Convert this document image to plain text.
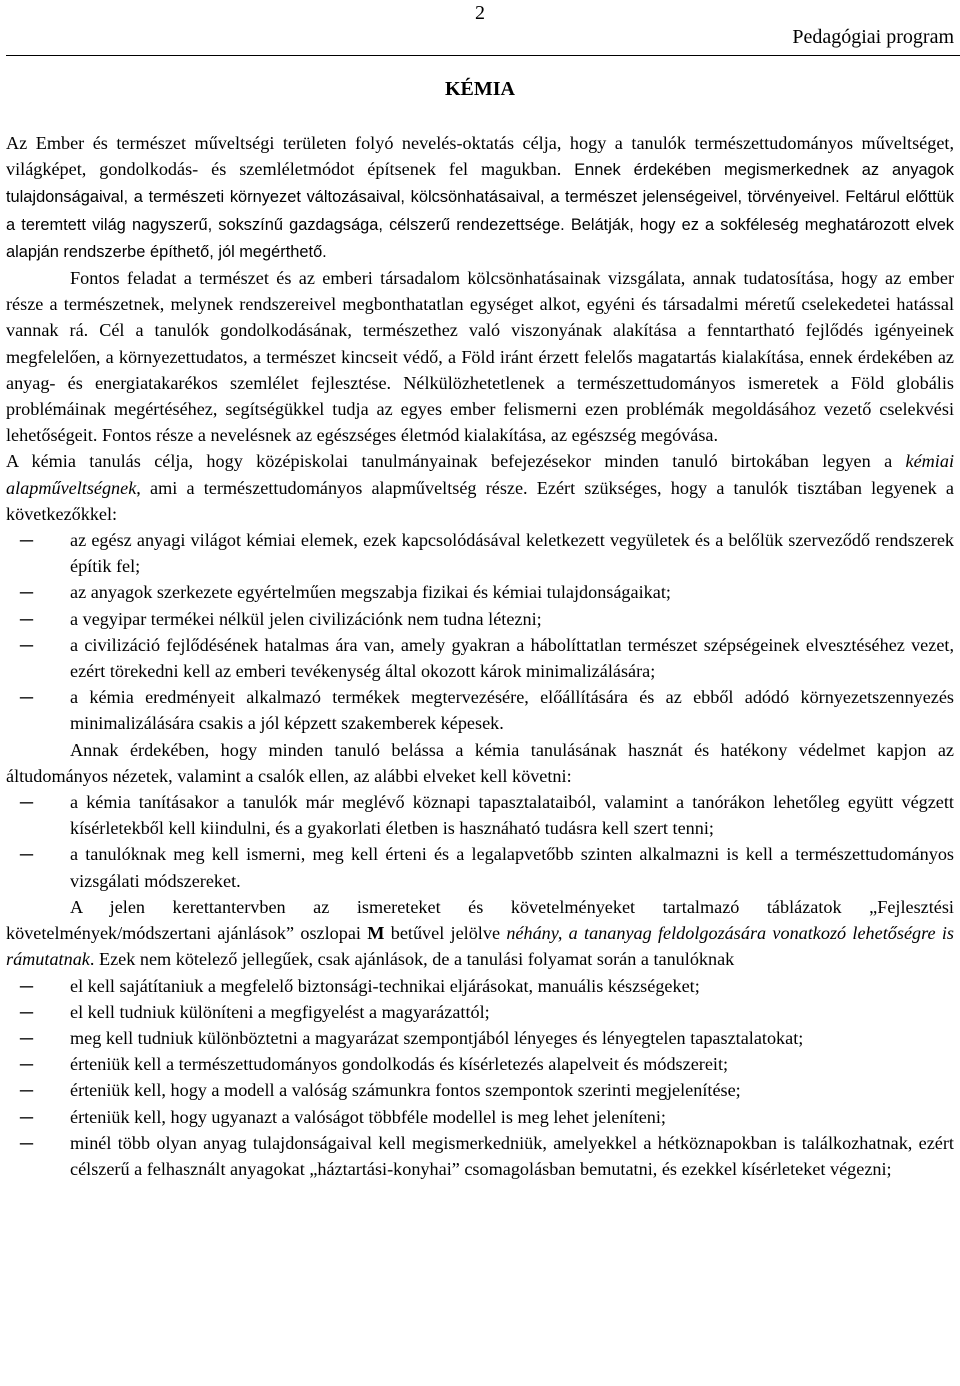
2
Pedagógiai program
KÉMIA

Az Ember és természet műveltségi területen folyó nevelés-oktatás célja, hogy a tanulók természettudományos műveltséget, világképet, gondolkodás- és szemléletmódot építsenek fel magukban. Ennek érdekében megismerkednek az anyagok tulajdonságaival, a természeti környezet változásaival, kölcsönhatásaival, a természet jelenségeivel, törvényeivel. Feltárul előttük a teremtett világ nagyszerű, sokszínű gazdagsága, célszerű rendezettsége. Belátják, hogy ez a sokféleség meghatározott elvek alapján rendszerbe építhető, jól megérthető.

Fontos feladat a természet és az emberi társadalom kölcsönhatásainak vizsgálata, annak tudatosítása, hogy az ember része a természetnek, melynek rendszereivel megbonthatatlan egységet alkot, egyéni és társadalmi méretű cselekedetei hatással vannak rá. Cél a tanulók gondolkodásának, természethez való viszonyának alakítása a fenntartható fejlődés igényeinek megfelelően, a környezettudatos, a természet kincseit védő, a Föld iránt érzett felelős magatartás kialakítása, ennek érdekében az anyag- és energiatakarékos szemlélet fejlesztése. Nélkülözhetetlenek a természettudományos ismeretek a Föld globális problémáinak megértéséhez, segítségükkel tudja az egyes ember felismerni ezen problémák megoldásához vezető cselekvési lehetőségeit. Fontos része a nevelésnek az egészséges életmód kialakítása, az egészség megóvása.

A kémia tanulás célja, hogy középiskolai tanulmányainak befejezésekor minden tanuló birtokában legyen a kémiai alapműveltségnek, ami a természettudományos alapműveltség része. Ezért szükséges, hogy a tanulók tisztában legyenek a következőkkel:

– az egész anyagi világot kémiai elemek, ezek kapcsolódásával keletkezett vegyületek és a belőlük szerveződő rendszerek építik fel;
– az anyagok szerkezete egyértelműen megszabja fizikai és kémiai tulajdonságaikat;
– a vegyipar termékei nélkül jelen civilizációnk nem tudna létezni;
– a civilizáció fejlődésének hatalmas ára van, amely gyakran a hábolíttatlan természet szépségeinek elvesztéséhez vezet, ezért törekedni kell az emberi tevékenység által okozott károk minimalizálására;
– a kémia eredményeit alkalmazó termékek megtervezésére, előállítására és az ebből adódó környezetszennyezés minimalizálására csakis a jól képzett szakemberek képesek.

Annak érdekében, hogy minden tanuló belássa a kémia tanulásának hasznát és hatékony védelmet kapjon az áltudományos nézetek, valamint a csalók ellen, az alábbi elveket kell követni:

– a kémia tanításakor a tanulók már meglévő köznapi tapasztalataiból, valamint a tanórákon lehetőleg együtt végzett kísérletekből kell kiindulni, és a gyakorlati életben is hasznáható tudásra kell szert tenni;
– a tanulóknak meg kell ismerni, meg kell érteni és a legalapvetőbb szinten alkalmazni is kell a természettudományos vizsgálati módszereket.

A jelen kerettantervben az ismereteket és követelményeket tartalmazó táblázatok „Fejlesztési követelmények/módszertani ajánlások” oszlopai M betűvel jelölve néhány, a tananyag feldolgozására vonatkozó lehetőségre is rámutatnak. Ezek nem kötelező jellegűek, csak ajánlások, de a tanulási folyamat során a tanulóknak

– el kell sajátítaniuk a megfelelő biztonsági-technikai eljárásokat, manuális készségeket;
– el kell tudniuk különíteni a megfigyelést a magyarázattól;
– meg kell tudniuk különböztetni a magyarázat szempontjából lényeges és lényegtelen tapasztalatokat;
– érteniük kell a természettudományos gondolkodás és kísérletezés alapelveit és módszereit;
– érteniük kell, hogy a modell a valóság számunkra fontos szempontok szerinti megjelenítése;
– érteniük kell, hogy ugyanazt a valóságot többféle modellel is meg lehet jeleníteni;
– minél több olyan anyag tulajdonságaival kell megismerkedniük, amelyekkel a hétköznapokban is találkozhatnak, ezért célszerű a felhasznált anyagokat „háztartási-konyhai” csomagolásban bemutatni, és ezekkel kísérleteket végezni;
